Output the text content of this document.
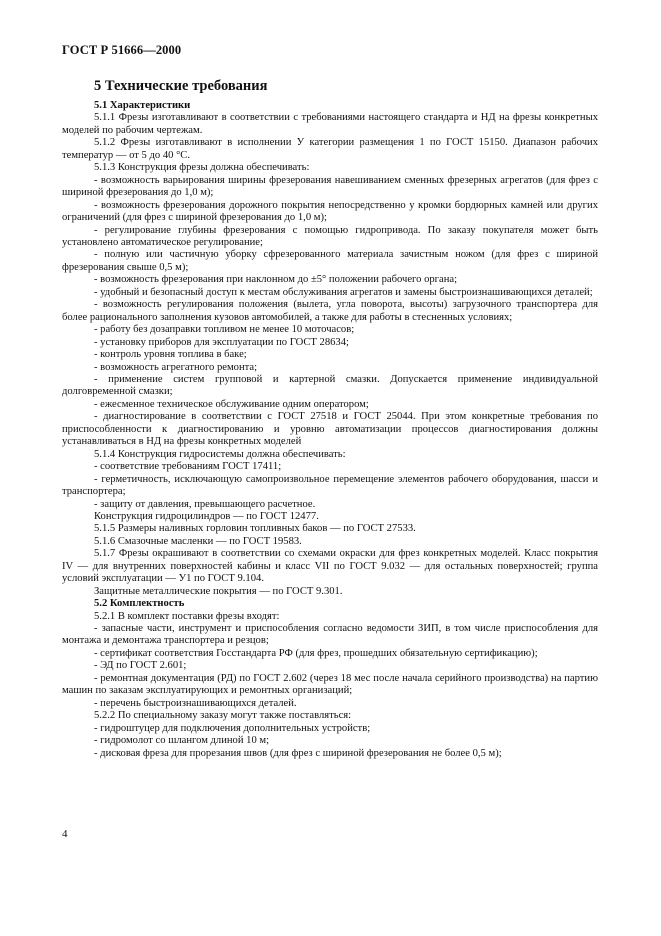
ГОСТ Р 51666—2000
5 Технические требования

5.1 Характеристики

5.1.1 Фрезы изготавливают в соответствии с требованиями настоящего стандарта и НД на фрезы конкретных моделей по рабочим чертежам.

5.1.2 Фрезы изготавливают в исполнении У категории размещения 1 по ГОСТ 15150. Диапазон рабочих температур — от 5 до 40 °С.

5.1.3 Конструкция фрезы должна обеспечивать:

- возможность варьирования ширины фрезерования навешиванием сменных фрезерных агрегатов (для фрез с шириной фрезерования до 1,0 м);

- возможность фрезерования дорожного покрытия непосредственно у кромки бордюрных камней или других ограничений (для фрез с шириной фрезерования до 1,0 м);

- регулирование глубины фрезерования с помощью гидропривода. По заказу покупателя может быть установлено автоматическое регулирование;

- полную или частичную уборку сфрезерованного материала зачистным ножом (для фрез с шириной фрезерования свыше 0,5 м);

- возможность фрезерования при наклонном до ±5° положении рабочего органа;

- удобный и безопасный доступ к местам обслуживания агрегатов и замены быстроизнашивающихся деталей;

- возможность регулирования положения (вылета, угла поворота, высоты) загрузочного транспортера для более рационального заполнения кузовов автомобилей, а также для работы в стесненных условиях;

- работу без дозаправки топливом не менее 10 моточасов;

- установку приборов для эксплуатации по ГОСТ 28634;

- контроль уровня топлива в баке;

- возможность агрегатного ремонта;

- применение систем групповой и картерной смазки. Допускается применение индивидуальной долговременной смазки;

- ежесменное техническое обслуживание одним оператором;

- диагностирование в соответствии с ГОСТ 27518 и ГОСТ 25044. При этом конкретные требования по приспособленности к диагностированию и уровню автоматизации процессов диагностирования должны устанавливаться в НД на фрезы конкретных моделей

5.1.4 Конструкция гидросистемы должна обеспечивать:

- соответствие требованиям ГОСТ 17411;

- герметичность, исключающую самопроизвольное перемещение элементов рабочего оборудования, шасси и транспортера;

- защиту от давления, превышающего расчетное.

Конструкция гидроцилиндров — по ГОСТ 12477.

5.1.5 Размеры наливных горловин топливных баков — по ГОСТ 27533.

5.1.6 Смазочные масленки — по ГОСТ 19583.

5.1.7 Фрезы окрашивают в соответствии со схемами окраски для фрез конкретных моделей. Класс покрытия IV — для внутренних поверхностей кабины и класс VII по ГОСТ 9.032 — для остальных поверхностей; группа условий эксплуатации — У1 по ГОСТ 9.104.

Защитные металлические покрытия — по ГОСТ 9.301.

5.2 Комплектность

5.2.1 В комплект поставки фрезы входят:

- запасные части, инструмент и приспособления согласно ведомости ЗИП, в том числе приспособления для монтажа и демонтажа транспортера и резцов;

- сертификат соответствия Госстандарта РФ (для фрез, прошедших обязательную сертификацию);

- ЭД по ГОСТ 2.601;

- ремонтная документация (РД) по ГОСТ 2.602 (через 18 мес после начала серийного производства) на партию машин по заказам эксплуатирующих и ремонтных организаций;

- перечень быстроизнашивающихся деталей.

5.2.2 По специальному заказу могут также поставляться:

- гидроштуцер для подключения дополнительных устройств;

- гидромолот со шлангом длиной 10 м;

- дисковая фреза для прорезания швов (для фрез с шириной фрезерования не более 0,5 м);

4
